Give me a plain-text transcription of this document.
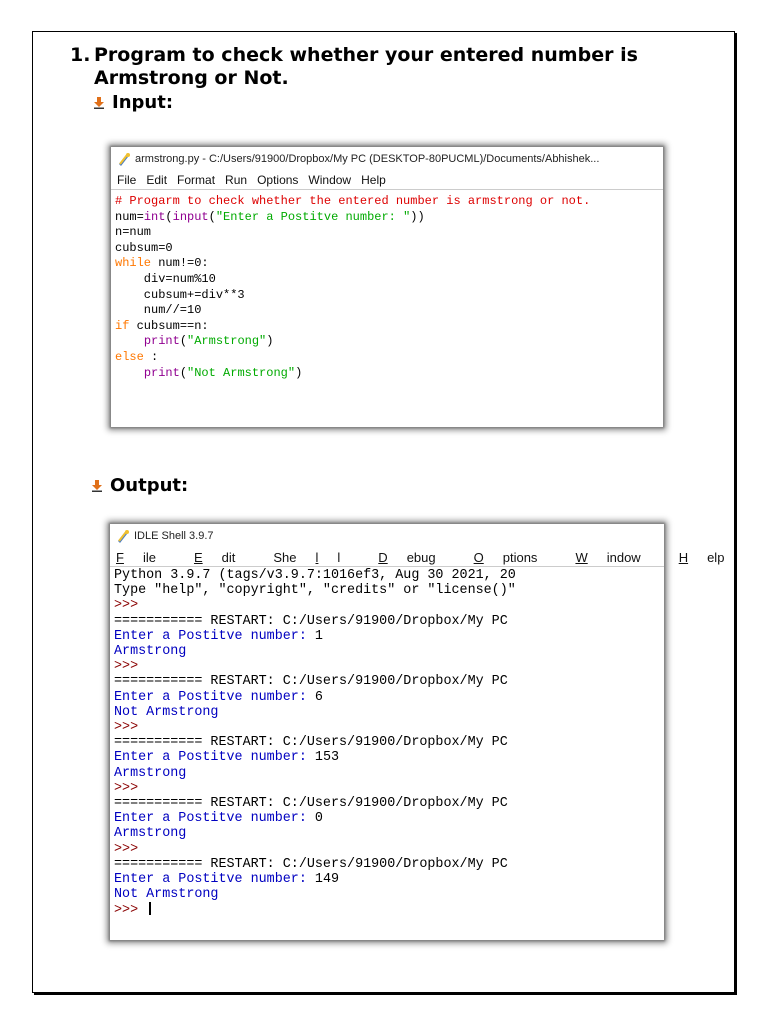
1. Program to check whether your entered number is
Armstrong or Not.
Input:
armstrong.py - C:/Users/91900/Dropbox/My PC (DESKTOP-80PUCML)/Documents/Abhishek...
File Edit Format Run Options Window Help
# Progarm to check whether the entered number is armstrong or not.
num=int(input("Enter a Postitve number: "))
n=num
cubsum=0
while num!=0:
div=num%10
cubsum+=div**3
num//=10
if cubsum==n:
print("Armstrong")
else :
print("Not Armstrong")
Output:
IDLE Shell 3.9.7
F ile	E dit	She l l	D ebug	O ptions	W indow	H elp
Python 3.9.7 (tags/v3.9.7:1016ef3, Aug 30 2021, 20
Type "help", "copyright", "credits" or "license()"
>>>
=========== RESTART: C:/Users/91900/Dropbox/My PC
Enter a Postitve number: 1
Armstrong
>>>
=========== RESTART: C:/Users/91900/Dropbox/My PC
Enter a Postitve number: 6
Not Armstrong
>>>
=========== RESTART: C:/Users/91900/Dropbox/My PC
Enter a Postitve number: 153
Armstrong
>>>
=========== RESTART: C:/Users/91900/Dropbox/My PC
Enter a Postitve number: 0
Armstrong
>>>
=========== RESTART: C:/Users/91900/Dropbox/My PC
Enter a Postitve number: 149
Not Armstrong
>>>
